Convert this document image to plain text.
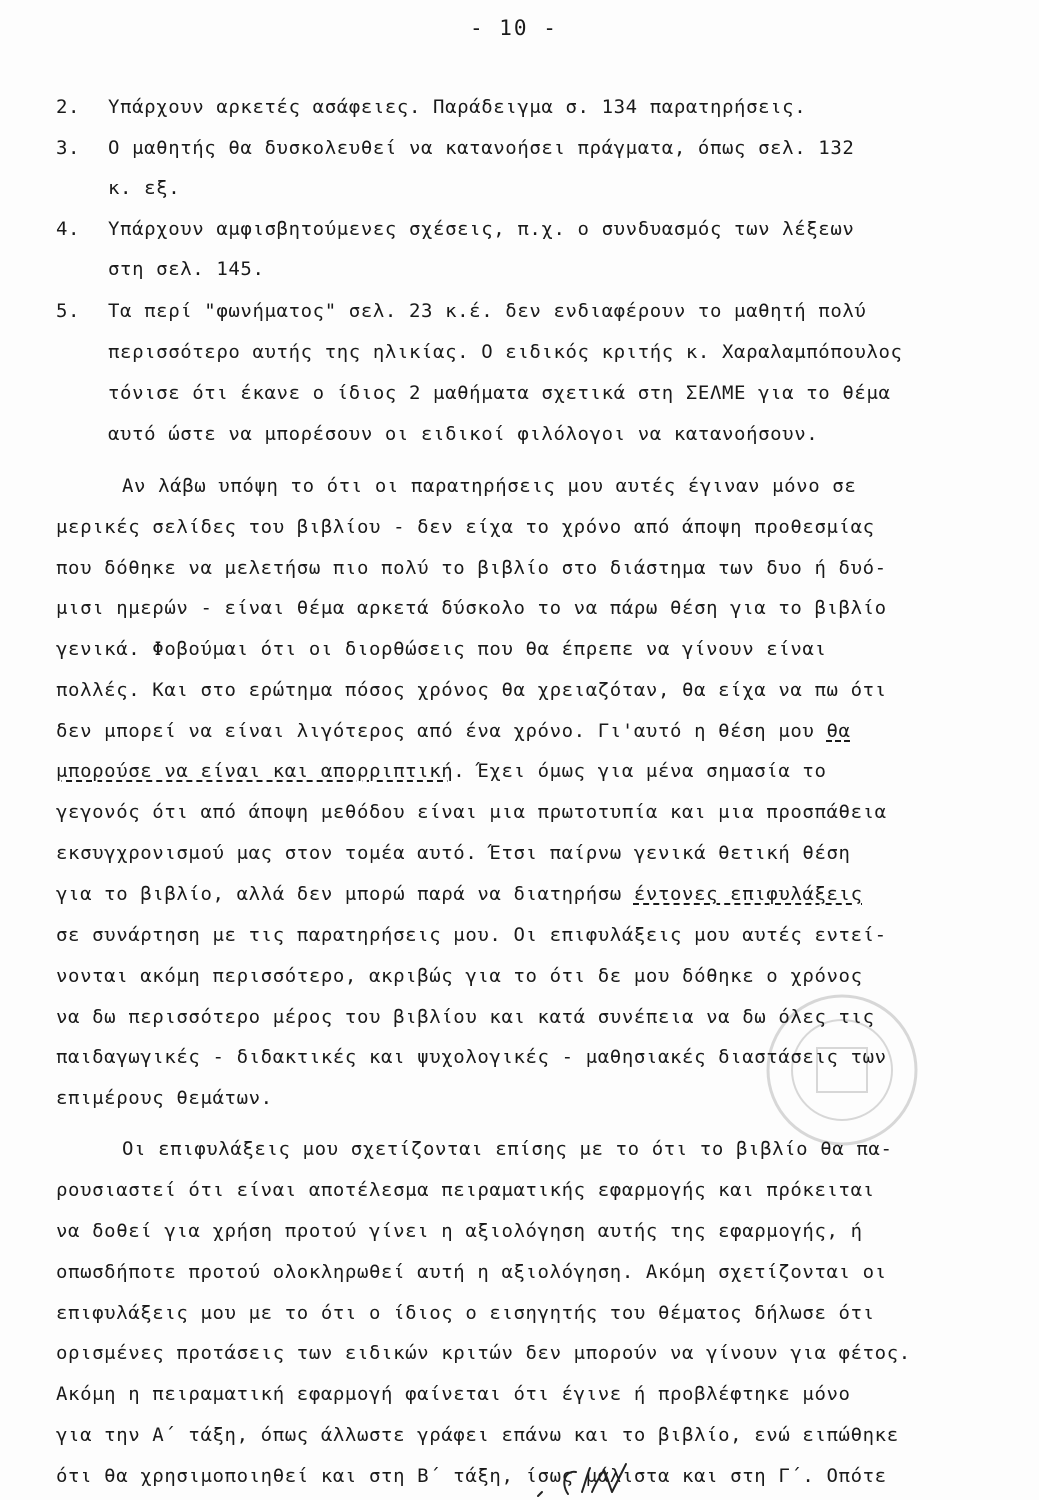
- 10 -
2. Υπάρχουν αρκετές ασάφειες. Παράδειγμα σ. 134 παρατηρήσεις.
3. Ο μαθητής θα δυσκολευθεί να κατανοήσει πράγματα, όπως σελ. 132
κ. εξ.
4. Υπάρχουν αμφισβητούμενες σχέσεις, π.χ. ο συνδυασμός των λέξεων
στη σελ. 145.
5. Τα περί "φωνήματος" σελ. 23 κ.έ. δεν ενδιαφέρουν το μαθητή πολύ
περισσότερο αυτής της ηλικίας. Ο ειδικός κριτής κ. Χαραλαμπόπουλος
τόνισε ότι έκανε ο ίδιος 2 μαθήματα σχετικά στη ΣΕΛΜΕ για το θέμα
αυτό ώστε να μπορέσουν οι ειδικοί φιλόλογοι να κατανοήσουν.
Αν λάβω υπόψη το ότι οι παρατηρήσεις μου αυτές έγιναν μόνο σε
μερικές σελίδες του βιβλίου - δεν είχα το χρόνο από άποψη προθεσμίας
που δόθηκε να μελετήσω πιο πολύ το βιβλίο στο διάστημα των δυο ή δυό-
μισι ημερών - είναι θέμα αρκετά δύσκολο το να πάρω θέση για το βιβλίο
γενικά. Φοβούμαι ότι οι διορθώσεις που θα έπρεπε να γίνουν είναι
πολλές. Και στο ερώτημα πόσος χρόνος θα χρειαζόταν, θα είχα να πω ότι
δεν μπορεί να είναι λιγότερος από ένα χρόνο. Γι'αυτό η θέση μου θα
μπορούσε να είναι και απορριπτική. Έχει όμως για μένα σημασία το
γεγονός ότι από άποψη μεθόδου είναι μια πρωτοτυπία και μια προσπάθεια
εκσυγχρονισμού μας στον τομέα αυτό. Έτσι παίρνω γενικά θετική θέση
για το βιβλίο, αλλά δεν μπορώ παρά να διατηρήσω έντονες επιφυλάξεις
σε συνάρτηση με τις παρατηρήσεις μου. Οι επιφυλάξεις μου αυτές εντεί-
νονται ακόμη περισσότερο, ακριβώς για το ότι δε μου δόθηκε ο χρόνος
να δω περισσότερο μέρος του βιβλίου και κατά συνέπεια να δω όλες τις
παιδαγωγικές - διδακτικές και ψυχολογικές - μαθησιακές διαστάσεις των
επιμέρους θεμάτων.
Οι επιφυλάξεις μου σχετίζονται επίσης με το ότι το βιβλίο θα πα-
ρουσιαστεί ότι είναι αποτέλεσμα πειραματικής εφαρμογής και πρόκειται
να δοθεί για χρήση προτού γίνει η αξιολόγηση αυτής της εφαρμογής, ή
οπωσδήποτε προτού ολοκληρωθεί αυτή η αξιολόγηση. Ακόμη σχετίζονται οι
επιφυλάξεις μου με το ότι ο ίδιος ο εισηγητής του θέματος δήλωσε ότι
ορισμένες προτάσεις των ειδικών κριτών δεν μπορούν να γίνουν για φέτος.
Ακόμη η πειραματική εφαρμογή φαίνεται ότι έγινε ή προβλέφτηκε μόνο
για την Α΄ τάξη, όπως άλλωστε γράφει επάνω και το βιβλίο, ενώ ειπώθηκε
ότι θα χρησιμοποιηθεί και στη Β΄ τάξη, ίσως μάλιστα και στη Γ΄. Οπότε
